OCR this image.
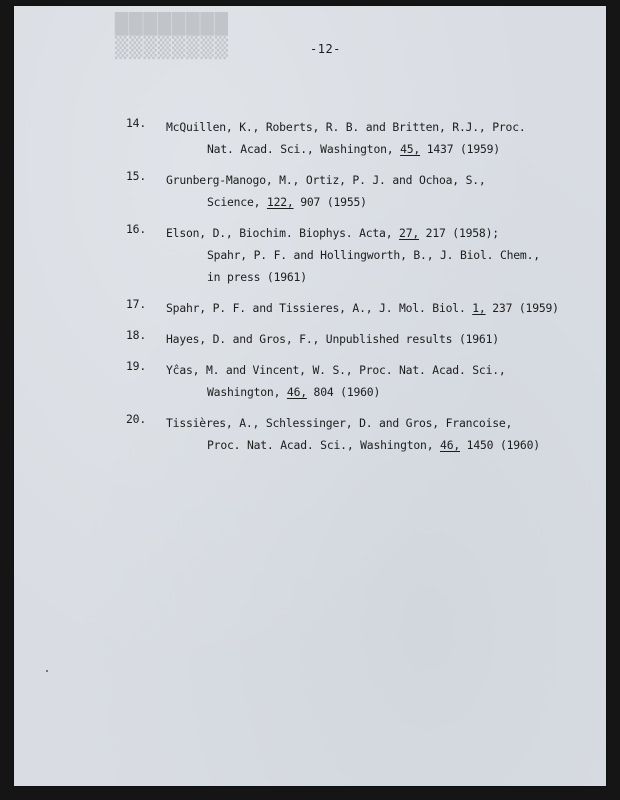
████████
▒▒▒▒▒▒▒▒	-12-
14.	McQuillen, K., Roberts, R. B. and Britten, R.J., Proc.
Nat. Acad. Sci., Washington, 45, 1437 (1959)
15.	Grunberg-Manogo, M., Ortiz, P. J. and Ochoa, S.,
Science, 122, 907 (1955)
16.	Elson, D., Biochim. Biophys. Acta, 27, 217 (1958);
Spahr, P. F. and Hollingworth, B., J. Biol. Chem.,
in press (1961)
17.	Spahr, P. F. and Tissieres, A., J. Mol. Biol. 1, 237 (1959)
18.	Hayes, D. and Gros, F., Unpublished results (1961)
19.	Yĉas, M. and Vincent, W. S., Proc. Nat. Acad. Sci.,
Washington, 46, 804 (1960)
20.	Tissières, A., Schlessinger, D. and Gros, Francoise,
Proc. Nat. Acad. Sci., Washington, 46, 1450 (1960)
